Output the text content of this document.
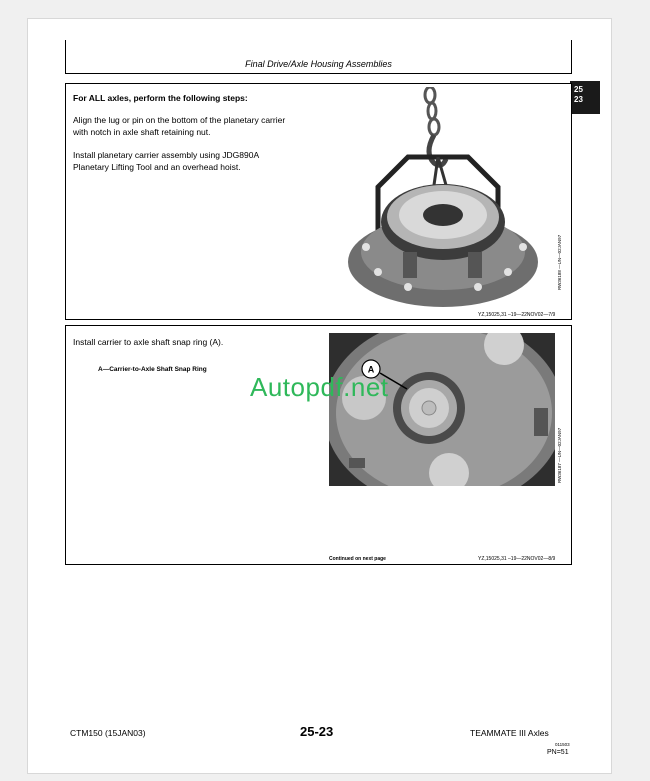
Final Drive/Axle Housing Assemblies
25
23
For ALL axles, perform the following steps:
Align the lug or pin on the bottom of the planetary carrier
with notch in axle shaft retaining nut.
Install planetary carrier assembly using JDG890A
Planetary Lifting Tool and an overhead hoist.
RW36188 —UN—02JAN97
YZ,15025,31 –19—22NOV02—7/9
Install carrier to axle shaft snap ring (A).
A—Carrier-to-Axle Shaft Snap Ring	A
RW36187 —UN—02JAN97
Continued on next page	YZ,15025,31 –19—22NOV02—8/9
Autopdf.net
CTM150 (15JAN03)	25-23	TEAMMATE III Axles
011503
PN=51
